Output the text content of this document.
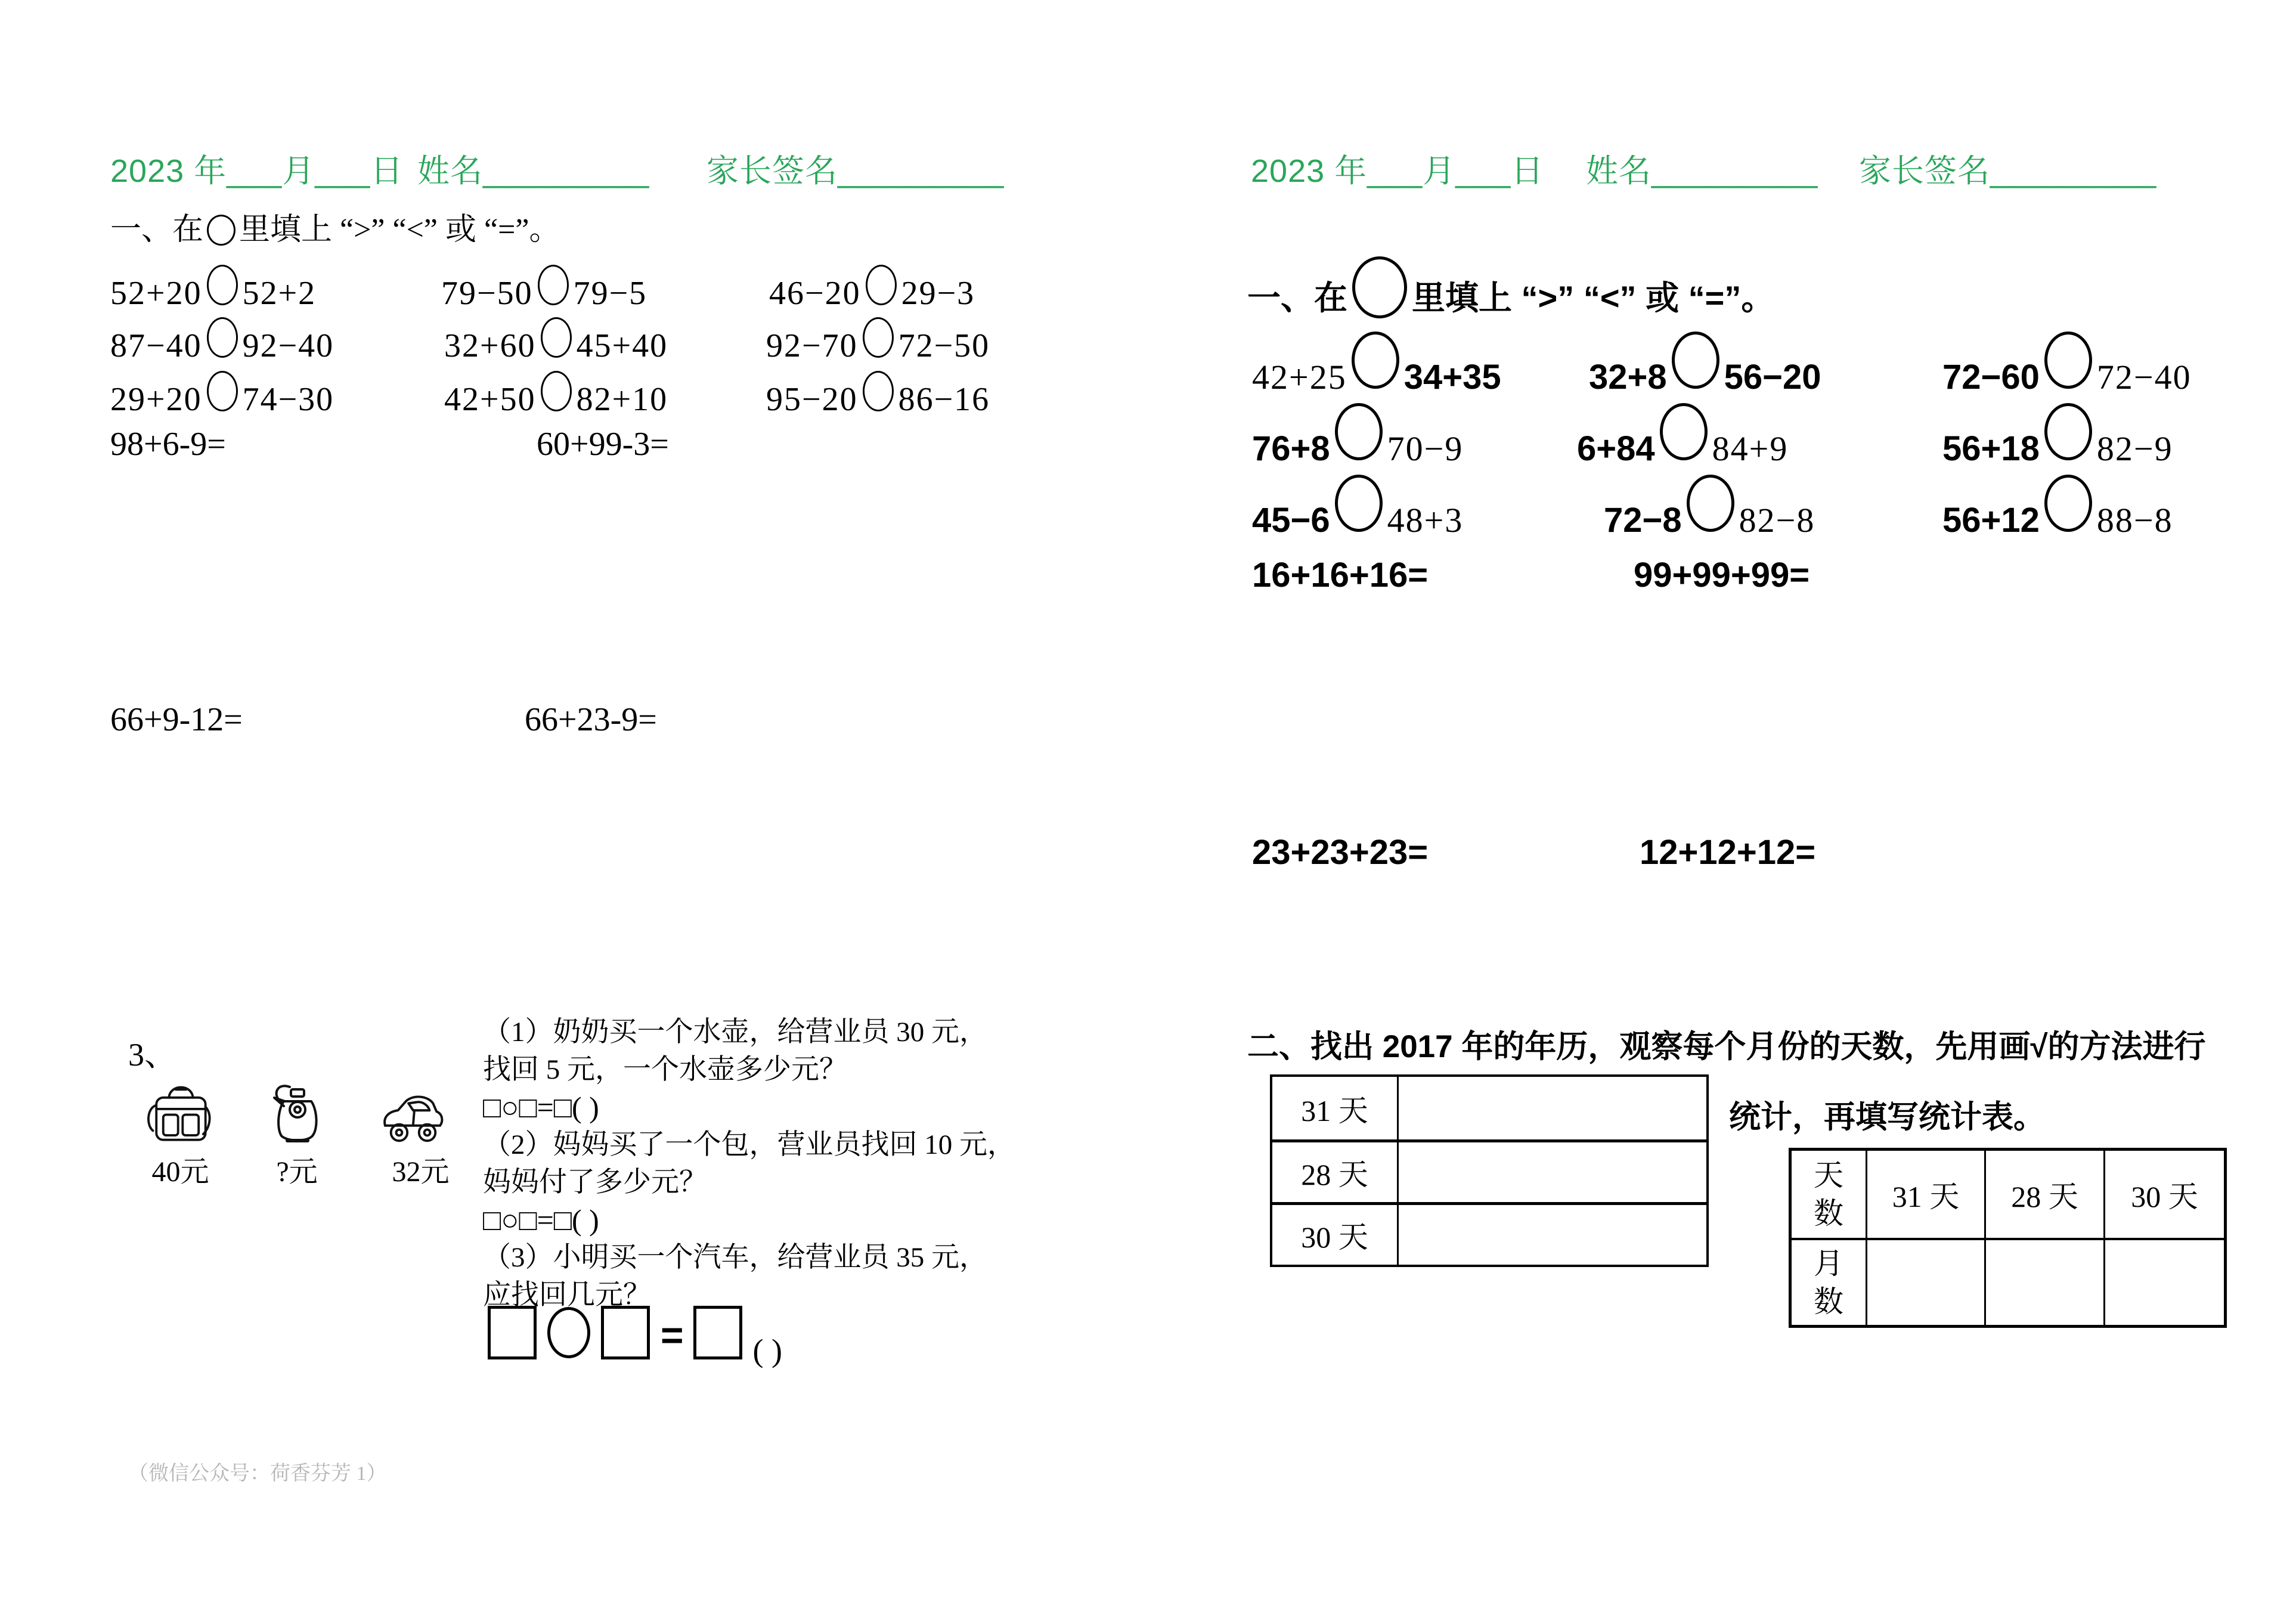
2023 年___月___日 姓名_________ 家长签名_________
一、在 里填上 “>” “<” 或 “=”。
52+20 52+2	79−50 79−5	46−20 29−3
87−40 92−40	32+60 45+40	92−70 72−50
29+20 74−30	42+50 82+10	95−20 86−16
98+6-9=	60+99-3=
66+9-12=	66+23-9=
3、
40元	?元	32元
（1）奶奶买一个水壶，给营业员 30 元，
找回 5 元，一个水壶多少元？
□○□=□( )
（2）妈妈买了一个包，营业员找回 10 元，
妈妈付了多少元？
□○□=□( )
（3）小明买一个汽车，给营业员 35 元，
应找回几元？
= ( )
（微信公众号：荷香芬芳 1）
2023 年___月___日 姓名_________ 家长签名_________
一、在 里填上 “>” “<” 或 “=”。
42+25 34+35	32+8 56−20	72−60 72−40
76+8 70−9	6+84 84+9	56+18 82−9
45−6 48+3	72−8 82−8	56+12 88−8
16+16+16=	99+99+99=
23+23+23=	12+12+12=
二、找出 2017 年的年历，观察每个月份的天数，先用画√的方法进行
统计，再填写统计表。
31 天
28 天
30 天
天数	31 天	28 天	30 天
月数
